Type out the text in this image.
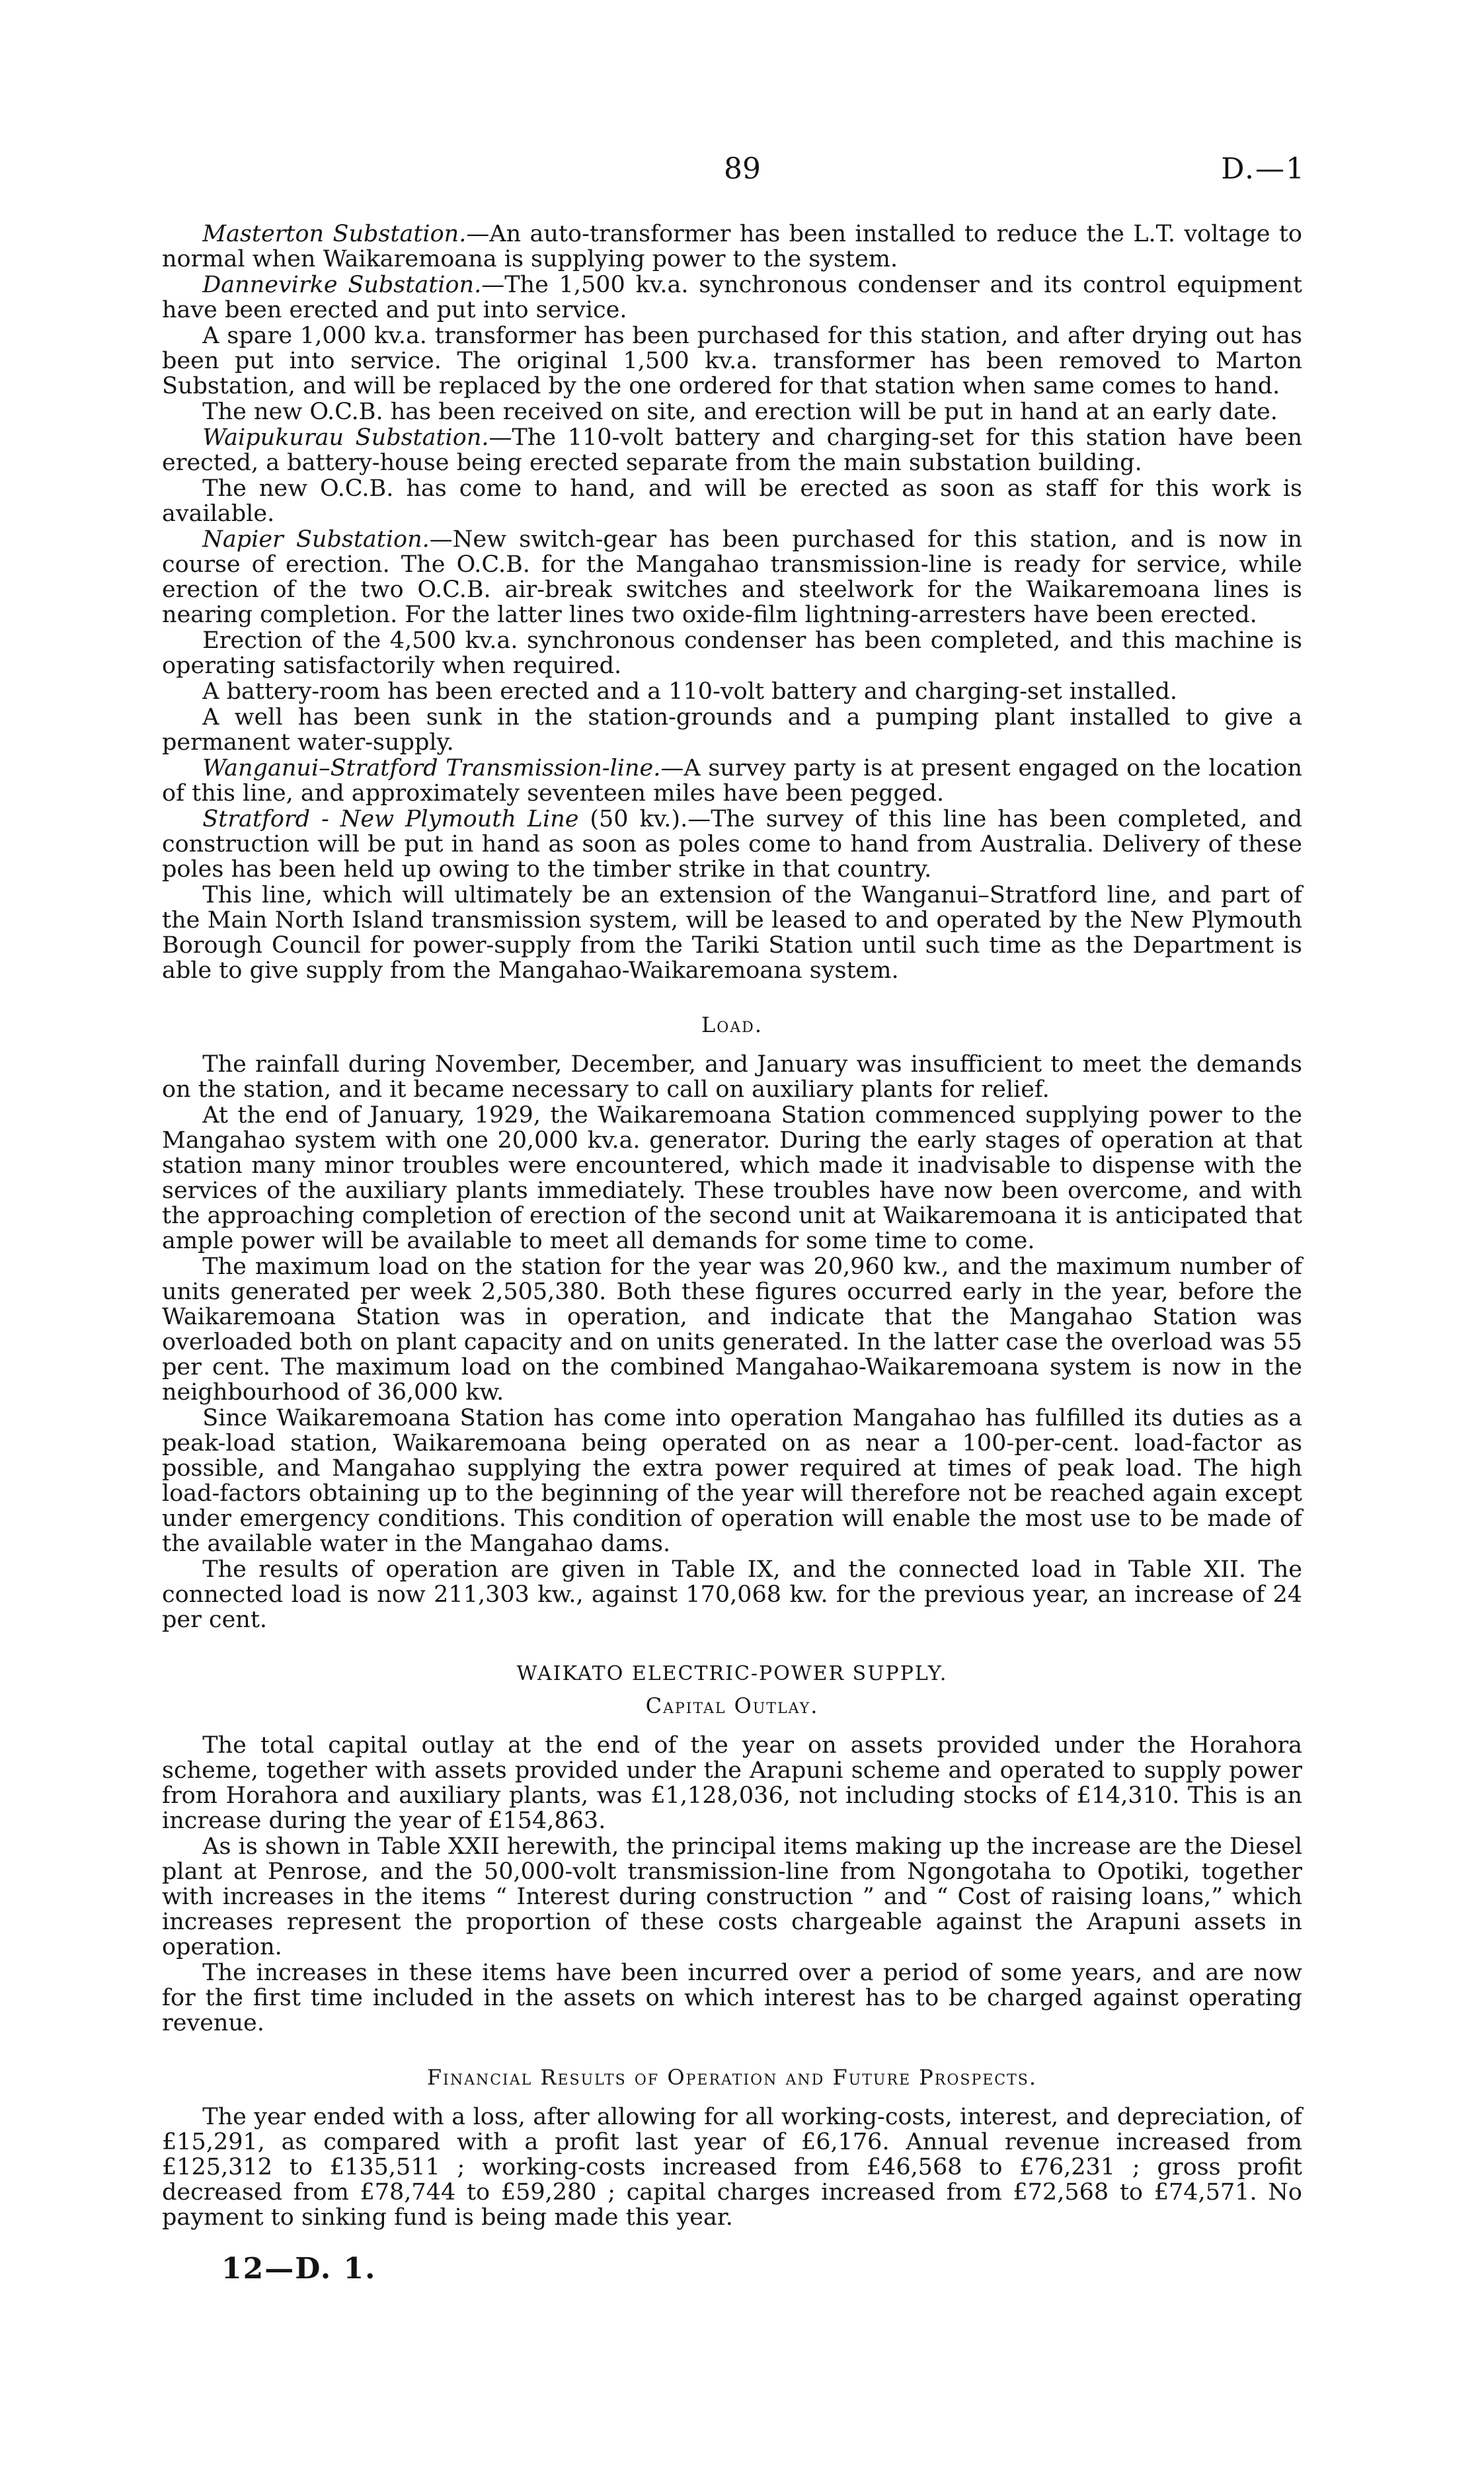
89	D.—1

Masterton Substation.—An auto-transformer has been installed to reduce the L.T. voltage to normal when Waikaremoana is supplying power to the system.

Dannevirke Substation.—The 1,500 kv.a. synchronous condenser and its control equipment have been erected and put into service.

A spare 1,000 kv.a. transformer has been purchased for this station, and after drying out has been put into service. The original 1,500 kv.a. transformer has been removed to Marton Substation, and will be replaced by the one ordered for that station when same comes to hand.

The new O.C.B. has been received on site, and erection will be put in hand at an early date.

Waipukurau Substation.—The 110-volt battery and charging-set for this station have been erected, a battery-house being erected separate from the main substation building.

The new O.C.B. has come to hand, and will be erected as soon as staff for this work is available.

Napier Substation.—New switch-gear has been purchased for this station, and is now in course of erection. The O.C.B. for the Mangahao transmission-line is ready for service, while erection of the two O.C.B. air-break switches and steelwork for the Waikaremoana lines is nearing completion. For the latter lines two oxide-film lightning-arresters have been erected.

Erection of the 4,500 kv.a. synchronous condenser has been completed, and this machine is operating satisfactorily when required.

A battery-room has been erected and a 110-volt battery and charging-set installed.

A well has been sunk in the station-grounds and a pumping plant installed to give a permanent water-supply.

Wanganui–Stratford Transmission-line.—A survey party is at present engaged on the location of this line, and approximately seventeen miles have been pegged.

Stratford - New Plymouth Line (50 kv.).—The survey of this line has been completed, and construction will be put in hand as soon as poles come to hand from Australia. Delivery of these poles has been held up owing to the timber strike in that country.

This line, which will ultimately be an extension of the Wanganui–Stratford line, and part of the Main North Island transmission system, will be leased to and operated by the New Plymouth Borough Council for power-supply from the Tariki Station until such time as the Department is able to give supply from the Mangahao-Waikaremoana system.

Load.

The rainfall during November, December, and January was insufficient to meet the demands on the station, and it became necessary to call on auxiliary plants for relief.

At the end of January, 1929, the Waikaremoana Station commenced supplying power to the Mangahao system with one 20,000 kv.a. generator. During the early stages of operation at that station many minor troubles were encountered, which made it inadvisable to dispense with the services of the auxiliary plants immediately. These troubles have now been overcome, and with the approaching completion of erection of the second unit at Waikaremoana it is anticipated that ample power will be available to meet all demands for some time to come.

The maximum load on the station for the year was 20,960 kw., and the maximum number of units generated per week 2,505,380. Both these figures occurred early in the year, before the Waikaremoana Station was in operation, and indicate that the Mangahao Station was overloaded both on plant capacity and on units generated. In the latter case the overload was 55 per cent. The maximum load on the combined Mangahao-Waikaremoana system is now in the neighbourhood of 36,000 kw.

Since Waikaremoana Station has come into operation Mangahao has fulfilled its duties as a peak-load station, Waikaremoana being operated on as near a 100-per-cent. load-factor as possible, and Mangahao supplying the extra power required at times of peak load. The high load-factors obtaining up to the beginning of the year will therefore not be reached again except under emergency conditions. This condition of operation will enable the most use to be made of the available water in the Mangahao dams.

The results of operation are given in Table IX, and the connected load in Table XII. The connected load is now 211,303 kw., against 170,068 kw. for the previous year, an increase of 24 per cent.

WAIKATO ELECTRIC-POWER SUPPLY.
Capital Outlay.

The total capital outlay at the end of the year on assets provided under the Horahora scheme, together with assets provided under the Arapuni scheme and operated to supply power from Horahora and auxiliary plants, was £1,128,036, not including stocks of £14,310. This is an increase during the year of £154,863.

As is shown in Table XXII herewith, the principal items making up the increase are the Diesel plant at Penrose, and the 50,000-volt transmission-line from Ngongotaha to Opotiki, together with increases in the items “ Interest during construction ” and “ Cost of raising loans,” which increases represent the proportion of these costs chargeable against the Arapuni assets in operation.

The increases in these items have been incurred over a period of some years, and are now for the first time included in the assets on which interest has to be charged against operating revenue.

Financial Results of Operation and Future Prospects.

The year ended with a loss, after allowing for all working-costs, interest, and depreciation, of £15,291, as compared with a profit last year of £6,176. Annual revenue increased from £125,312 to £135,511 ; working-costs increased from £46,568 to £76,231 ; gross profit decreased from £78,744 to £59,280 ; capital charges increased from £72,568 to £74,571. No payment to sinking fund is being made this year.

12—D. 1.
